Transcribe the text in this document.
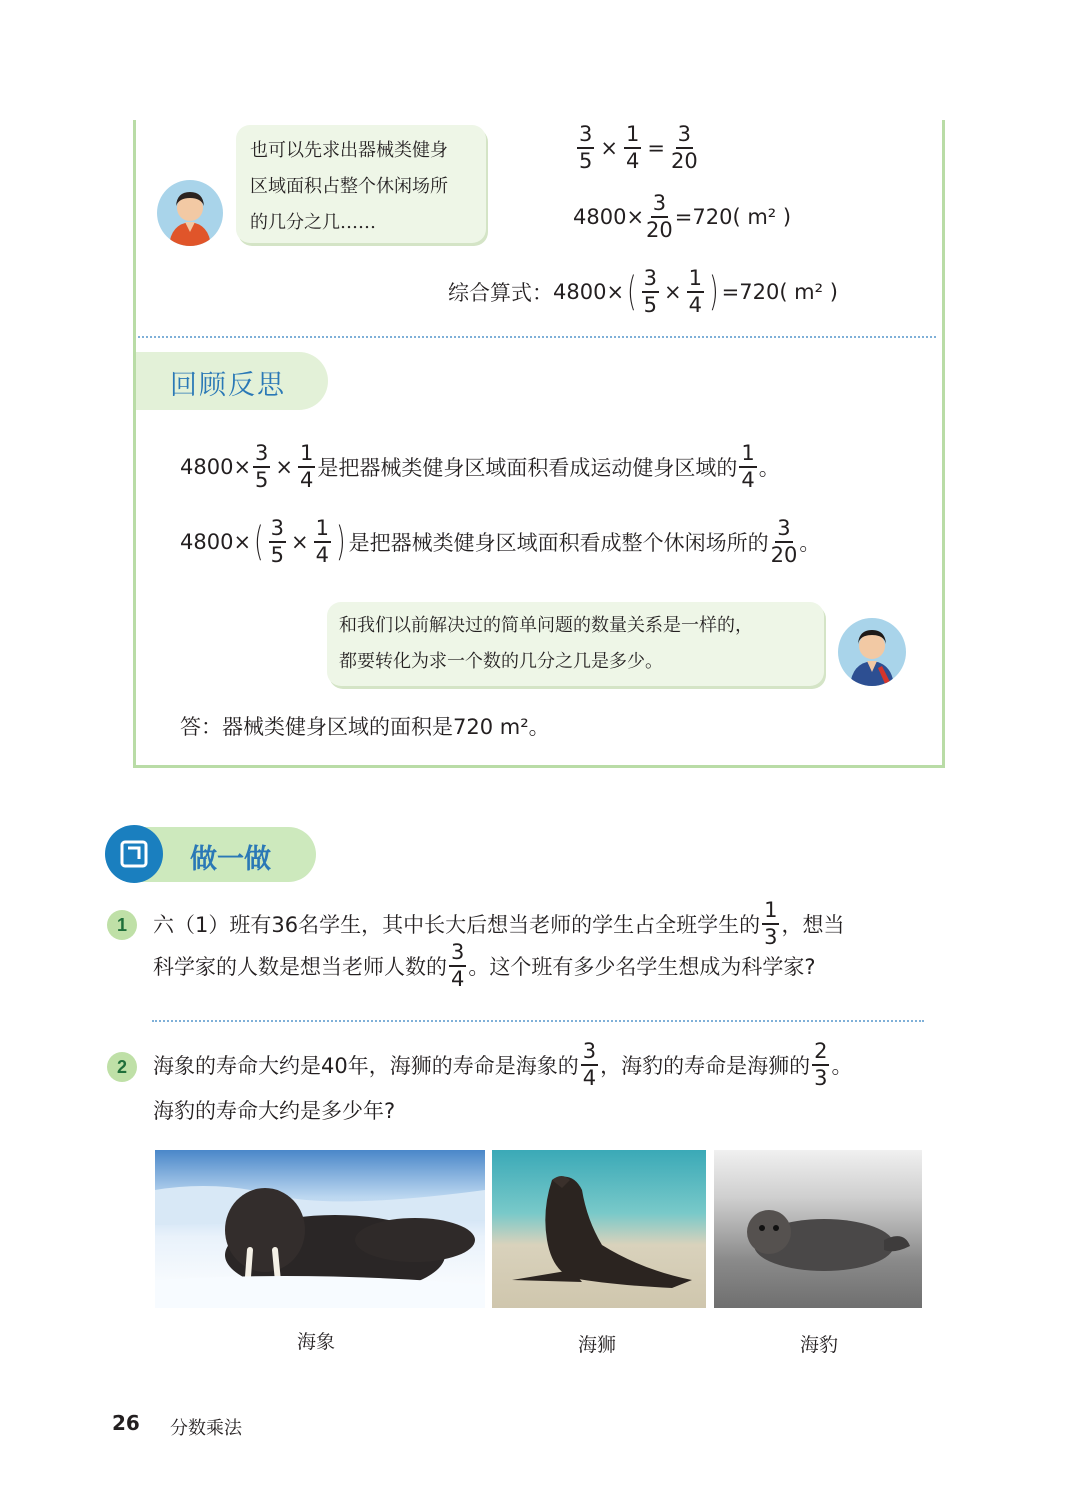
也可以先求出器械类健身
区域面积占整个休闲场所
的几分之几……
$\frac{3}{5} \times \frac{1}{4} = \frac{3}{20}$
$4800\times \frac{3}{20} =720$ ( m² )
综合算式： 4800× ( $\frac{3}{5} \times \frac{1}{4}$ ) =720 ( m² )
回顾反思
$4800\times \frac{3}{5} \times \frac{1}{4}$ 是把器械类健身区域面积看成运动健身区域的 $\frac{1}{4}$ 。
4800× ( $\frac{3}{5} \times \frac{1}{4}$ ) 是把器械类健身区域面积看成整个休闲场所的 $\frac{3}{20}$ 。
和我们以前解决过的简单问题的数量关系是一样的，
都要转化为求一个数的几分之几是多少。
答：器械类健身区域的面积是720 m²。
做一做
1	六（1）班有36名学生，其中长大后想当老师的学生占全班学生的 $\frac{1}{3}$ ，想当
科学家的人数是想当老师人数的 $\frac{3}{4}$ 。这个班有多少名学生想成为科学家?
2	海象的寿命大约是40年，海狮的寿命是海象的 $\frac{3}{4}$ ，海豹的寿命是海狮的 $\frac{2}{3}$ 。
海豹的寿命大约是多少年?
海象	海狮	海豹
26 分数乘法
